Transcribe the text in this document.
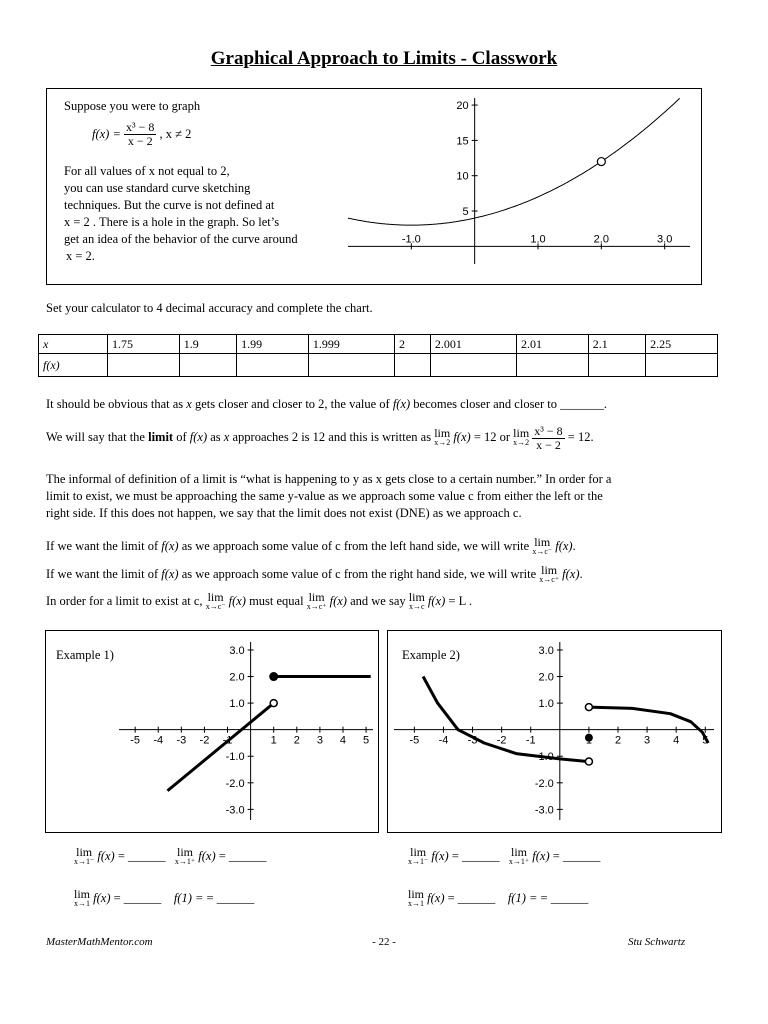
Graphical Approach to Limits - Classwork
Suppose you were to graph
$f(x) = \frac{\text{x³ − 8}}{x - 2}$ , x ≠ 2
For all values of x not equal to 2,
you can use standard curve sketching
techniques. But the curve is not defined at
x = 2 . There is a hole in the graph. So let’s
get an idea of the behavior of the curve around
x = 2.
-1.0	1.0	2.0	3.0
5
10
15
20
Set your calculator to 4 decimal accuracy and complete the chart.
x	1.75	1.9	1.99	1.999	2	2.001	2.01	2.1	2.25
f(x)									
It should be obvious that as x gets closer and closer to 2, the value of f(x) becomes closer and closer to _______.
We will say that the limit of f(x) as x approaches 2 is 12 and this is written as lim
x→2 f(x) = 12 or lim
x→2
$\frac{\text{x³ − 8}}{x - 2} = 12$.
The informal of definition of a limit is “what is happening to y as x gets close to a certain number.” In order for a
limit to exist, we must be approaching the same y-value as we approach some value c from either the left or the
right side. If this does not happen, we say that the limit does not exist (DNE) as we approach c.
If we want the limit of f(x) as we approach some value of c from the left hand side, we will write lim
x→c⁻ f(x).
If we want the limit of f(x) as we approach some value of c from the right hand side, we will write lim
x→c⁺ f(x).
In order for a limit to exist at c, lim
x→c⁻ f(x) must equal lim
x→c⁺ f(x) and we say lim
x→c f(x) = L .
Example 1)	Example 2)
-5 -4 -3 -2 -1	1 2 3 4 5
3.0
2.0
1.0
-1.0
-2.0
-3.0
-5 -4 -3 -2 -1	2 3 4 5
3.0
2.0
1.0
-1.0
-2.0
-3.0
lim
x→1⁻ f(x) = ______ lim
x→1⁺ f(x) = ______
lim
x→1 f(x) = ______ f(1) = = ______
lim
x→1⁻ f(x) = ______ lim
x→1⁺ f(x) = ______
lim
x→1 f(x) = ______ f(1) = = ______
MasterMathMentor.com	- 22 -	Stu Schwartz
